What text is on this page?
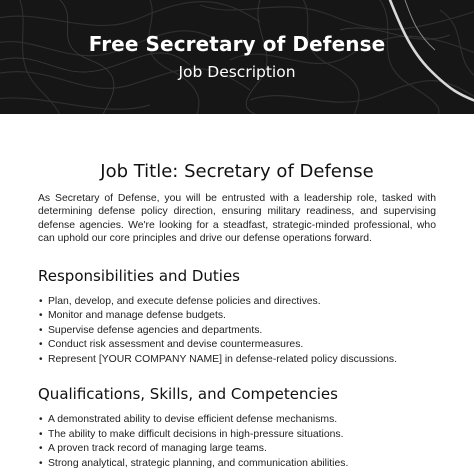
Free Secretary of Defense
Job Description
Job Title: Secretary of Defense

As Secretary of Defense, you will be entrusted with a leadership role, tasked with determining defense policy direction, ensuring military readiness, and supervising defense agencies. We're looking for a steadfast, strategic-minded professional, who can uphold our core principles and drive our defense operations forward.

Responsibilities and Duties
• Plan, develop, and execute defense policies and directives.
• Monitor and manage defense budgets.
• Supervise defense agencies and departments.
• Conduct risk assessment and devise countermeasures.
• Represent [YOUR COMPANY NAME] in defense-related policy discussions.
Qualifications, Skills, and Competencies
• A demonstrated ability to devise efficient defense mechanisms.
• The ability to make difficult decisions in high-pressure situations.
• A proven track record of managing large teams.
• Strong analytical, strategic planning, and communication abilities.
